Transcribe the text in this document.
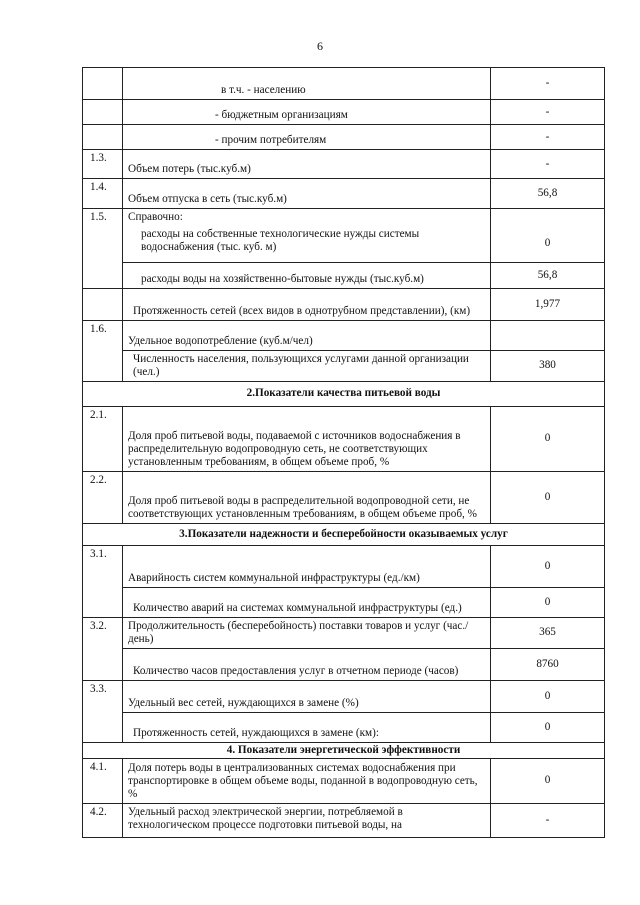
6
	в т.ч. - населению	-
	- бюджетным организациям	-
	- прочим потребителям	-
1.3.	Объем потерь (тыс.куб.м)	-
1.4.	Объем отпуска в сеть (тыс.куб.м)	56,8
1.5.	Справочно:	
	расходы на собственные технологические нужды системы водоснабжения (тыс. куб. м)	0
	расходы воды на хозяйственно-бытовые нужды (тыс.куб.м)	56,8
	Протяженность сетей (всех видов в однотрубном представлении), (км)	1,977
1.6.	Удельное водопотребление (куб.м/чел)	
	Численность населения, пользующихся услугами данной организации (чел.)	380
2.Показатели качества питьевой воды		
2.1.	Доля проб питьевой воды, подаваемой с источников водоснабжения в распределительную водопроводную сеть, не соответствующих установленным требованиям, в общем объеме проб, %	0
2.2.	Доля проб питьевой воды в распределительной водопроводной сети, не соответствующих установленным требованиям, в общем объеме проб, %	0
3.Показатели надежности и бесперебойности оказываемых услуг		
3.1.	Аварийность систем коммунальной инфраструктуры (ед./км)	0
	Количество аварий на системах коммунальной инфраструктуры (ед.)	0
3.2.	Продолжительность (бесперебойность) поставки товаров и услуг (час./день)	365
	Количество часов предоставления услуг в отчетном периоде (часов)	8760
3.3.	Удельный вес сетей, нуждающихся в замене (%)	0
	Протяженность сетей, нуждающихся в замене (км):	0
4. Показатели энергетической эффективности		
4.1.	Доля потерь воды в централизованных системах водоснабжения при транспортировке в общем объеме воды, поданной в водопроводную сеть, %	0
4.2.	Удельный расход электрической энергии, потребляемой в технологическом процессе подготовки питьевой воды, на	-
